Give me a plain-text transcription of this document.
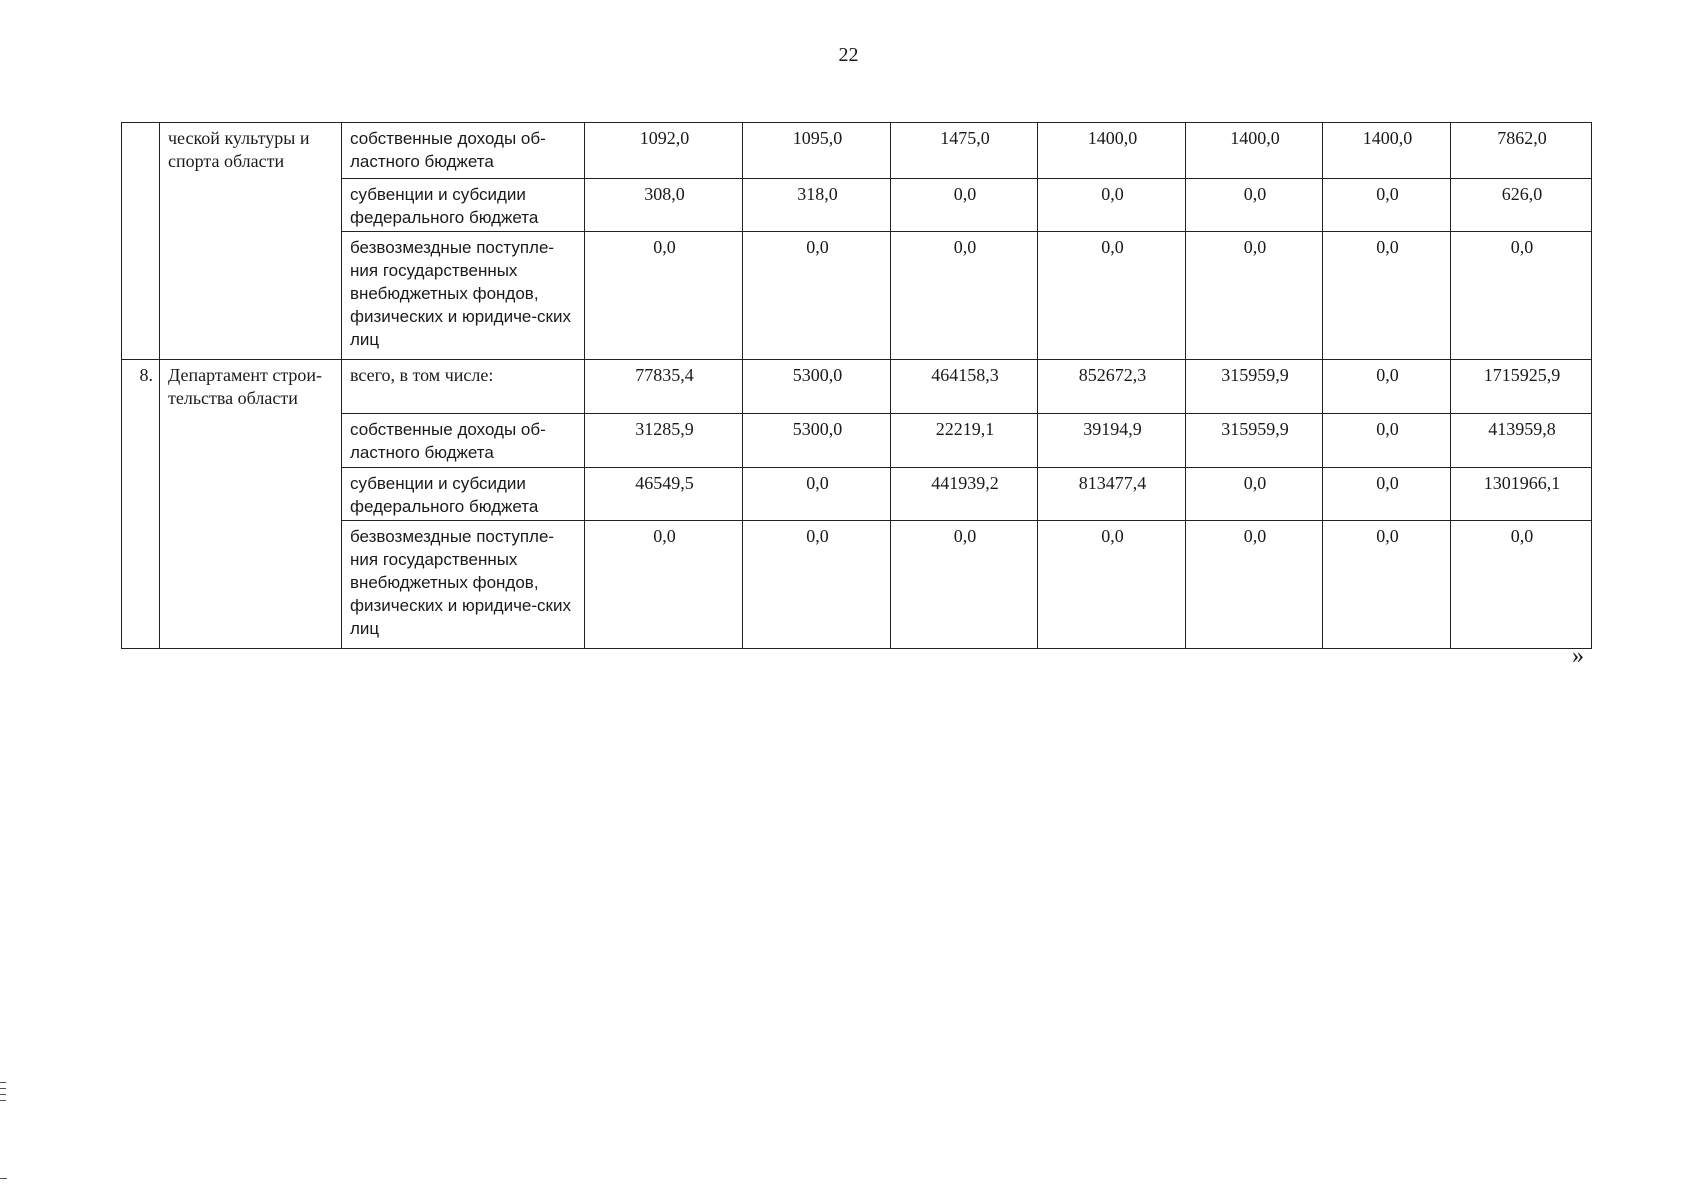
22
	ческой культуры и спорта области	собственные доходы об-ластного бюджета	1092,0	1095,0	1475,0	1400,0	1400,0	1400,0	7862,0
		субвенции и субсидии федерального бюджета	308,0	318,0	0,0	0,0	0,0	0,0	626,0
		безвозмездные поступле-ния государственных внебюджетных фондов, физических и юридиче-ских лиц	0,0	0,0	0,0	0,0	0,0	0,0	0,0
8.	Департамент строи-тельства области	всего, в том числе:	77835,4	5300,0	464158,3	852672,3	315959,9	0,0	1715925,9
		собственные доходы об-ластного бюджета	31285,9	5300,0	22219,1	39194,9	315959,9	0,0	413959,8
		субвенции и субсидии федерального бюджета	46549,5	0,0	441939,2	813477,4	0,0	0,0	1301966,1
		безвозмездные поступле-ния государственных внебюджетных фондов, физических и юридиче-ских лиц	0,0	0,0	0,0	0,0	0,0	0,0	0,0
»
